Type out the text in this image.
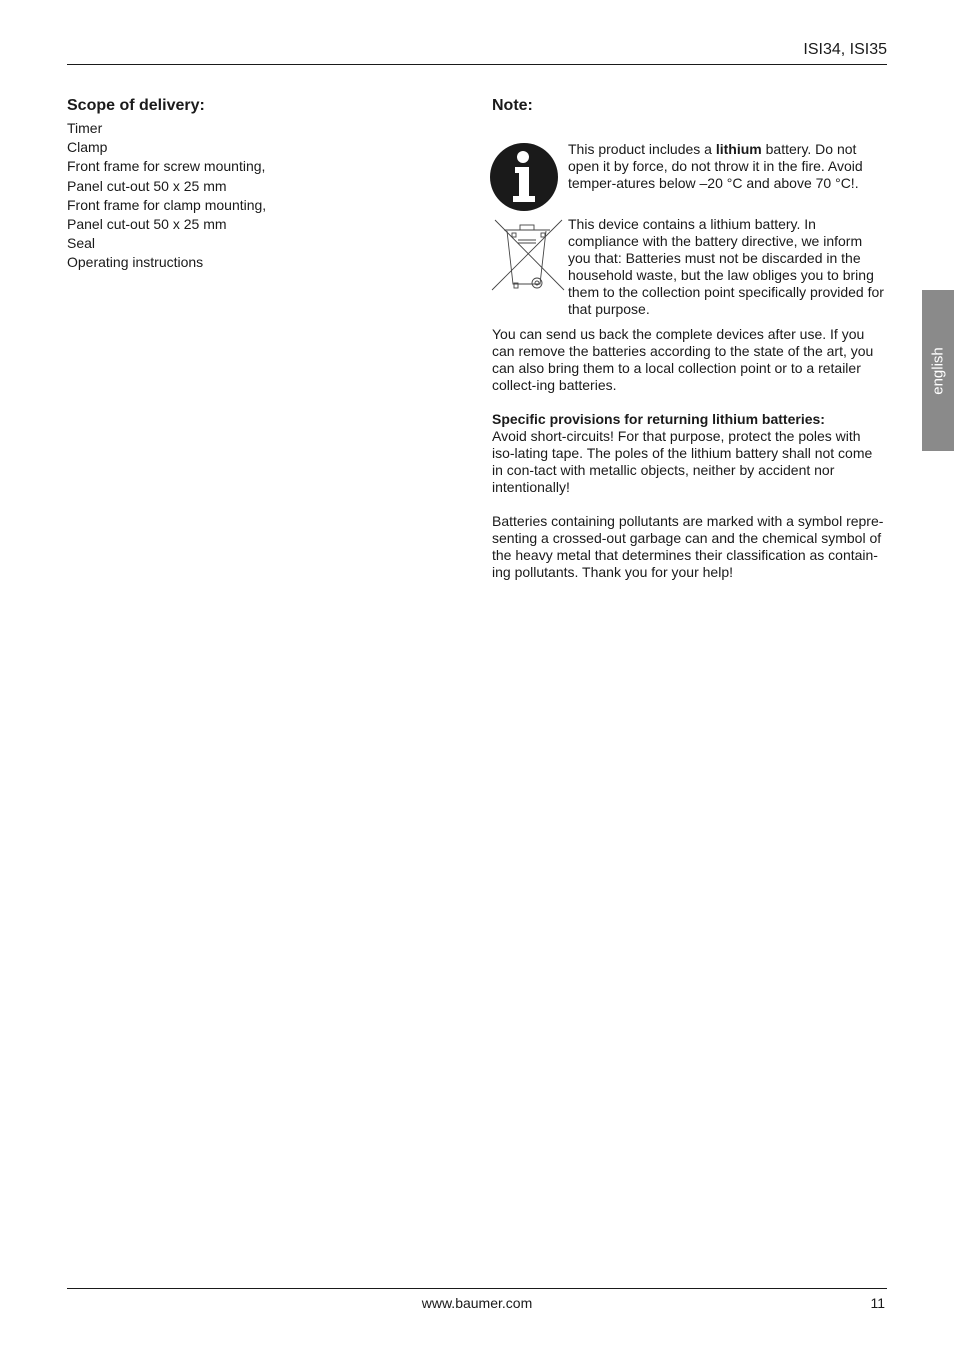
ISI34, ISI35
english
Scope of delivery:
Timer
Clamp
Front frame for screw mounting,
Panel cut-out 50 x 25 mm
Front frame for clamp mounting,
Panel cut-out 50 x 25 mm
Seal
Operating instructions
Note:
This product includes a lithium battery. Do not open it by force, do not throw it in the fire. Avoid temper-atures below –20 °C and above 70 °C!.
This device contains a lithium battery. In compliance with the battery directive, we inform you that: Batteries must not be discarded in the household waste, but the law obliges you to bring them to the collection point specifically provided for that purpose.

You can send us back the complete devices after use. If you can remove the batteries according to the state of the art, you can also bring them to a local collection point or to a retailer collect-ing batteries.

Specific provisions for returning lithium batteries:

Avoid short-circuits! For that purpose, protect the poles with iso-lating tape. The poles of the lithium battery shall not come in con-tact with metallic objects, neither by accident nor intentionally!

Batteries containing pollutants are marked with a symbol repre-senting a crossed-out garbage can and the chemical symbol of the heavy metal that determines their classification as contain-ing pollutants. Thank you for your help!

www.baumer.com	11
